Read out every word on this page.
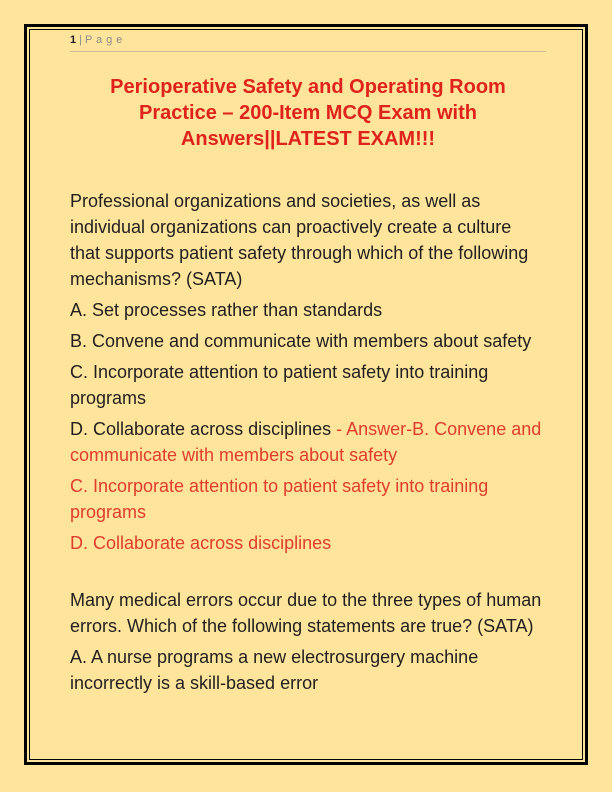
1 | Page
Perioperative Safety and Operating Room Practice – 200-Item MCQ Exam with Answers||LATEST EXAM!!!

Professional organizations and societies, as well as individual organizations can proactively create a culture that supports patient safety through which of the following mechanisms? (SATA)

A. Set processes rather than standards

B. Convene and communicate with members about safety

C. Incorporate attention to patient safety into training programs

D. Collaborate across disciplines - Answer-B. Convene and communicate with members about safety

C. Incorporate attention to patient safety into training programs

D. Collaborate across disciplines

Many medical errors occur due to the three types of human errors. Which of the following statements are true? (SATA)

A. A nurse programs a new electrosurgery machine incorrectly is a skill-based error
